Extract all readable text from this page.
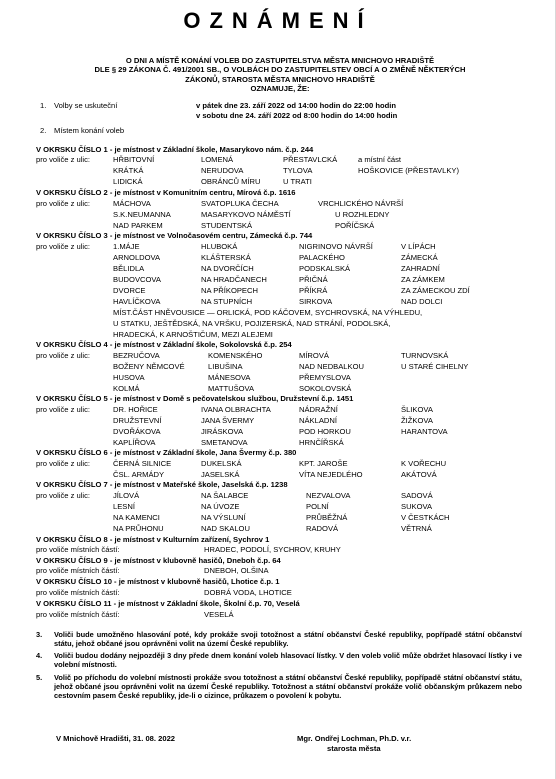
OZNÁMENÍ
O DNI A MÍSTĚ KONÁNÍ VOLEB DO ZASTUPITELSTVA MĚSTA MNICHOVO HRADIŠTĚ
DLE § 29 ZÁKONA Č. 491/2001 SB., O VOLBÁCH DO ZASTUPITELSTEV OBCÍ A O ZMĚNĚ NĚKTERÝCH
ZÁKONŮ, STAROSTA MĚSTA MNICHOVO HRADIŠTĚ
OZNAMUJE, ŽE:
1. Volby se uskuteční	v pátek dne 23. září 2022 od 14:00 hodin do 22:00 hodin
v sobotu dne 24. září 2022 od 8:00 hodin do 14:00 hodin
2. Místem konání voleb
V OKRSKU ČÍSLO 1 - je místnost v Základní škole, Masarykovo nám. č.p. 244
pro voliče z ulic:	HŘBITOVNÍ	LOMENÁ	PŘESTAVLCKÁ	a místní část
KRÁTKÁ	NERUDOVA	TYLOVA	HOŠKOVICE (PŘESTAVLKY)
LIDICKÁ	OBRÁNCŮ MÍRU	U TRATI
V OKRSKU ČÍSLO 2 - je místnost v Komunitním centru, Mírová č.p. 1616
pro voliče z ulic:	MÁCHOVA	SVATOPLUKA ČECHA	VRCHLICKÉHO NÁVRŠÍ
S.K.NEUMANNA	MASARYKOVO NÁMĚSTÍ	U ROZHLEDNY
NAD PARKEM	STUDENTSKÁ	POŘÍČSKÁ
V OKRSKU ČÍSLO 3 - je místnost ve Volnočasovém centru, Zámecká č.p. 744
pro voliče z ulic:	1.MÁJE	HLUBOKÁ	NIGRINOVO NÁVRŠÍ	V LÍPÁCH
ARNOLDOVA	KLÁŠTERSKÁ	PALACKÉHO	ZÁMECKÁ
BĚLIDLA	NA DVORČÍCH	PODSKALSKÁ	ZAHRADNÍ
BUDOVCOVA	NA HRADČANECH	PŘIČNÁ	ZA ZÁMKEM
DVORCE	NA PŘÍKOPECH	PŘÍKRÁ	ZA ZÁMECKOU ZDÍ
HAVLÍČKOVA	NA STUPNÍCH	SIRKOVA	NAD DOLCI
MÍST.ČÁST HNĚVOUSICE — ORLICKÁ, POD KÁČOVEM, SYCHROVSKÁ, NA VÝHLEDU,
U STATKU, JEŠTĚDSKÁ, NA VRŠKU, POJIZERSKÁ, NAD STRÁNÍ, PODOLSKÁ,
HRADECKÁ, K ARNOŠTIČUM, MEZI ALEJEMI
V OKRSKU ČÍSLO 4 - je místnost v Základní škole, Sokolovská č.p. 254
pro voliče z ulic:	BEZRUČOVA	KOMENSKÉHO	MÍROVÁ	TURNOVSKÁ
BOŽENY NĚMCOVÉ	LIBUŠINA	NAD NEDBALKOU	U STARÉ CIHELNY
HUSOVA	MÁNESOVA	PŘEMYSLOVA
KOLMÁ	MATTUŠOVA	SOKOLOVSKÁ
V OKRSKU ČÍSLO 5 - je místnost v Domě s pečovatelskou službou, Družstevní č.p. 1451
pro voliče z ulic:	DR. HOŘICE	IVANA OLBRACHTA	NÁDRAŽNÍ	ŠLIKOVA
DRUŽSTEVNÍ	JANA ŠVERMY	NÁKLADNÍ	ŽIŽKOVA
DVOŘÁKOVA	JIRÁSKOVA	POD HORKOU	HARANTOVA
KAPLÍŘOVA	SMETANOVA	HRNČÍŘSKÁ
V OKRSKU ČÍSLO 6 - je místnost v Základní škole, Jana Švermy č.p. 380
pro voliče z ulic:	ČERNÁ SILNICE	DUKELSKÁ	KPT. JAROŠE	K VOŘECHU
ČSL. ARMÁDY	JASELSKÁ	VÍTA NEJEDLÉHO	AKÁTOVÁ
V OKRSKU ČÍSLO 7 - je místnost v Mateřské škole, Jaselská č.p. 1238
pro voliče z ulic:	JÍLOVÁ	NA ŠALABCE	NEZVALOVA	SADOVÁ
LESNÍ	NA ÚVOZE	POLNÍ	SUKOVA
NA KAMENCI	NA VÝSLUNÍ	PRŮBĚŽNÁ	V ČESTKÁCH
NA PRŮHONU	NAD SKALOU	RADOVÁ	VĚTRNÁ
V OKRSKU ČÍSLO 8 - je místnost v Kulturním zařízení, Sychrov 1
pro voliče místních částí:	HRADEC, PODOLÍ, SYCHROV, KRUHY
V OKRSKU ČÍSLO 9 - je místnost v klubovně hasičů, Dneboh č.p. 64
pro voliče místních částí:	DNEBOH, OLŠINA
V OKRSKU ČÍSLO 10 - je místnost v klubovně hasičů, Lhotice č.p. 1
pro voliče místních částí:	DOBRÁ VODA, LHOTICE
V OKRSKU ČÍSLO 11 - je místnost v Základní škole, Školní č.p. 70, Veselá
pro voliče místních částí:	VESELÁ
3. Voliči bude umožněno hlasování poté, kdy prokáže svoji totožnost a státní občanství České republiky, popřípadě státní občanství státu, jehož občané jsou oprávněni volit na území České republiky.
4. Voliči budou dodány nejpozději 3 dny přede dnem konání voleb hlasovací lístky. V den voleb volič může obdržet hlasovací lístky i ve volební místnosti.
5. Volič po příchodu do volební místnosti prokáže svou totožnost a státní občanství České republiky, popřípadě státní občanství státu, jehož občané jsou oprávněni volit na území České republiky. Totožnost a státní občanství prokáže volič občanským průkazem nebo cestovním pasem České republiky, jde-li o cizince, průkazem o povolení k pobytu.
V Mnichově Hradišti, 31. 08. 2022	Mgr. Ondřej Lochman, Ph.D. v.r.
starosta města
